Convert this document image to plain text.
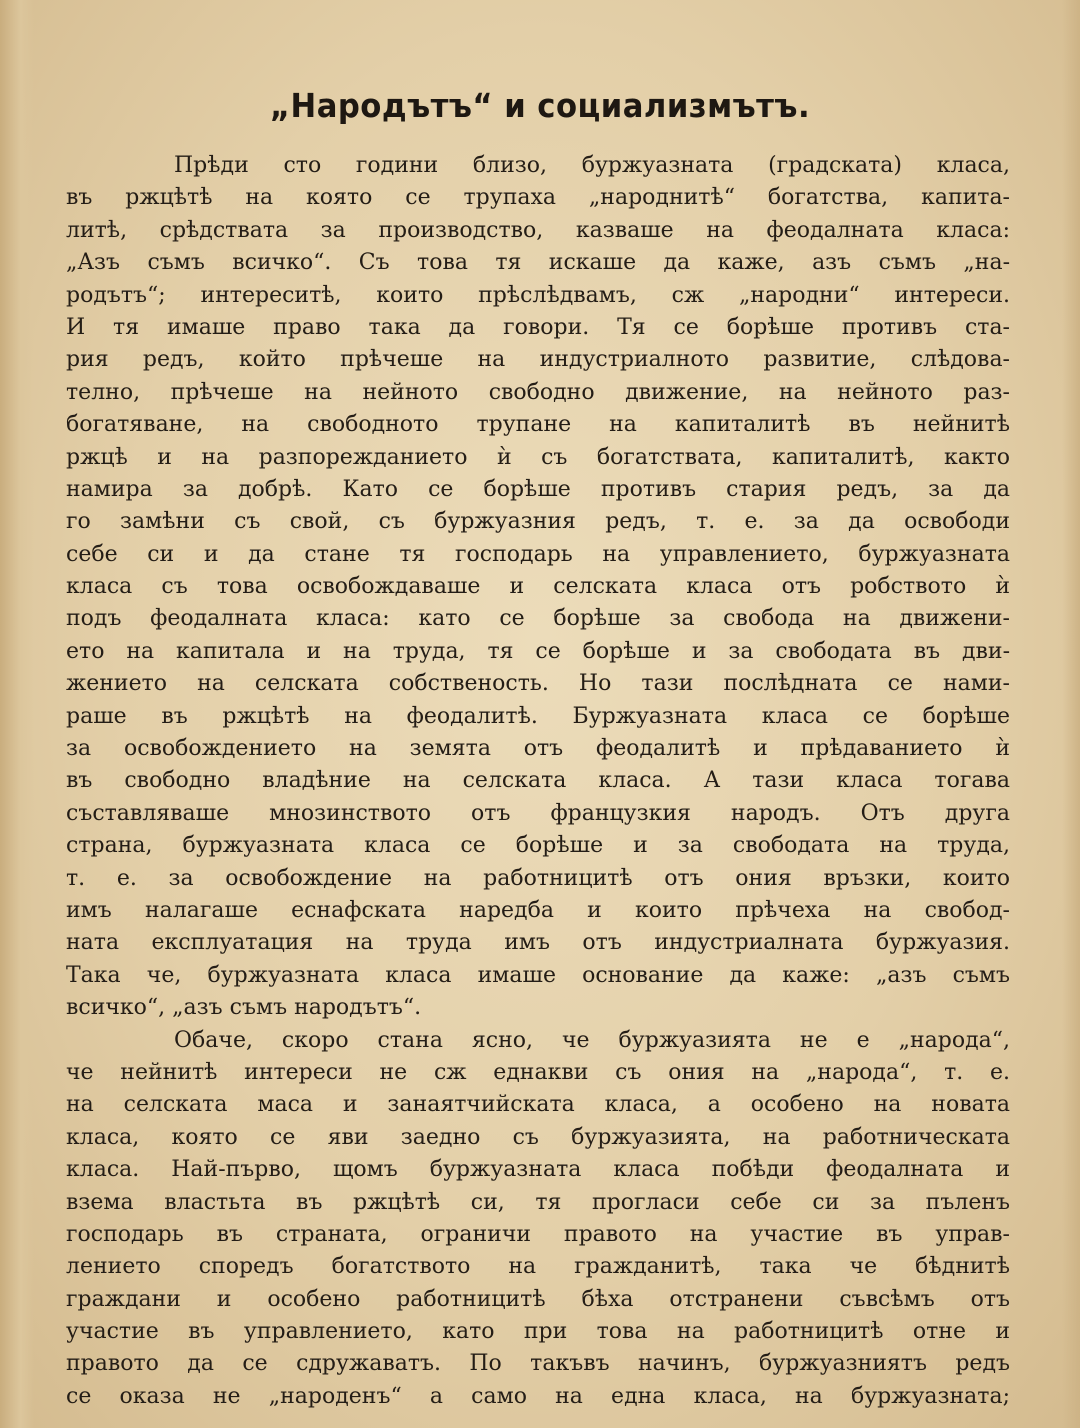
„Народътъ“ и социализмътъ.
Прѣди сто години близо, буржуазната (градската) класа,
въ ржцѣтѣ на която се трупаха „народнитѣ“ богатства, капита-
литѣ, срѣдствата за производство, казваше на феодалната класа:
„Азъ съмъ всичко“. Съ това тя искаше да каже, азъ съмъ „на-
родътъ“; интереситѣ, които прѣслѣдвамъ, сж „народни“ интереси.
И тя имаше право така да говори. Тя се борѣше противъ ста-
рия редъ, който прѣчеше на индустриалното развитие, слѣдова-
телно, прѣчеше на нейното свободно движение, на нейното раз-
богатяване, на свободното трупане на капиталитѣ въ нейнитѣ
ржцѣ и на разпорежданието ѝ съ богатствата, капиталитѣ, както
намира за добрѣ. Като се борѣше противъ стария редъ, за да
го замѣни съ свой, съ буржуазния редъ, т. е. за да освободи
себе си и да стане тя господарь на управлението, буржуазната
класа съ това освобождаваше и селската класа отъ робството ѝ
подъ феодалната класа: като се борѣше за свобода на движени-
ето на капитала и на труда, тя се борѣше и за свободата въ дви-
жението на селската собственость. Но тази послѣдната се нами-
раше въ ржцѣтѣ на феодалитѣ. Буржуазната класа се борѣше
за освобождението на земята отъ феодалитѣ и прѣдаванието ѝ
въ свободно владѣние на селската класа. А тази класа тогава
съставляваше мнозинството отъ французкия народъ. Отъ друга
страна, буржуазната класа се борѣше и за свободата на труда,
т. е. за освобождение на работницитѣ отъ ония връзки, които
имъ налагаше еснафската наредба и които прѣчеха на свобод-
ната експлуатация на труда имъ отъ индустриалната буржуазия.
Така че, буржуазната класа имаше основание да каже: „азъ съмъ
всичко“, „азъ съмъ народътъ“.
Обаче, скоро стана ясно, че буржуазията не е „народа“,
че нейнитѣ интереси не сж еднакви съ ония на „народа“, т. е.
на селската маса и занаятчийската класа, а особено на новата
класа, която се яви заедно съ буржуазията, на работническата
класа. Най-първо, щомъ буржуазната класа побѣди феодалната и
взема властьта въ ржцѣтѣ си, тя прогласи себе си за пъленъ
господарь въ страната, ограничи правото на участие въ управ-
лението споредъ богатството на гражданитѣ, така че бѣднитѣ
граждани и особено работницитѣ бѣха отстранени съвсѣмъ отъ
участие въ управлението, като при това на работницитѣ отне и
правото да се сдружаватъ. По такъвъ начинъ, буржуазниятъ редъ
се оказа не „народенъ“ а само на една класа, на буржуазната;
